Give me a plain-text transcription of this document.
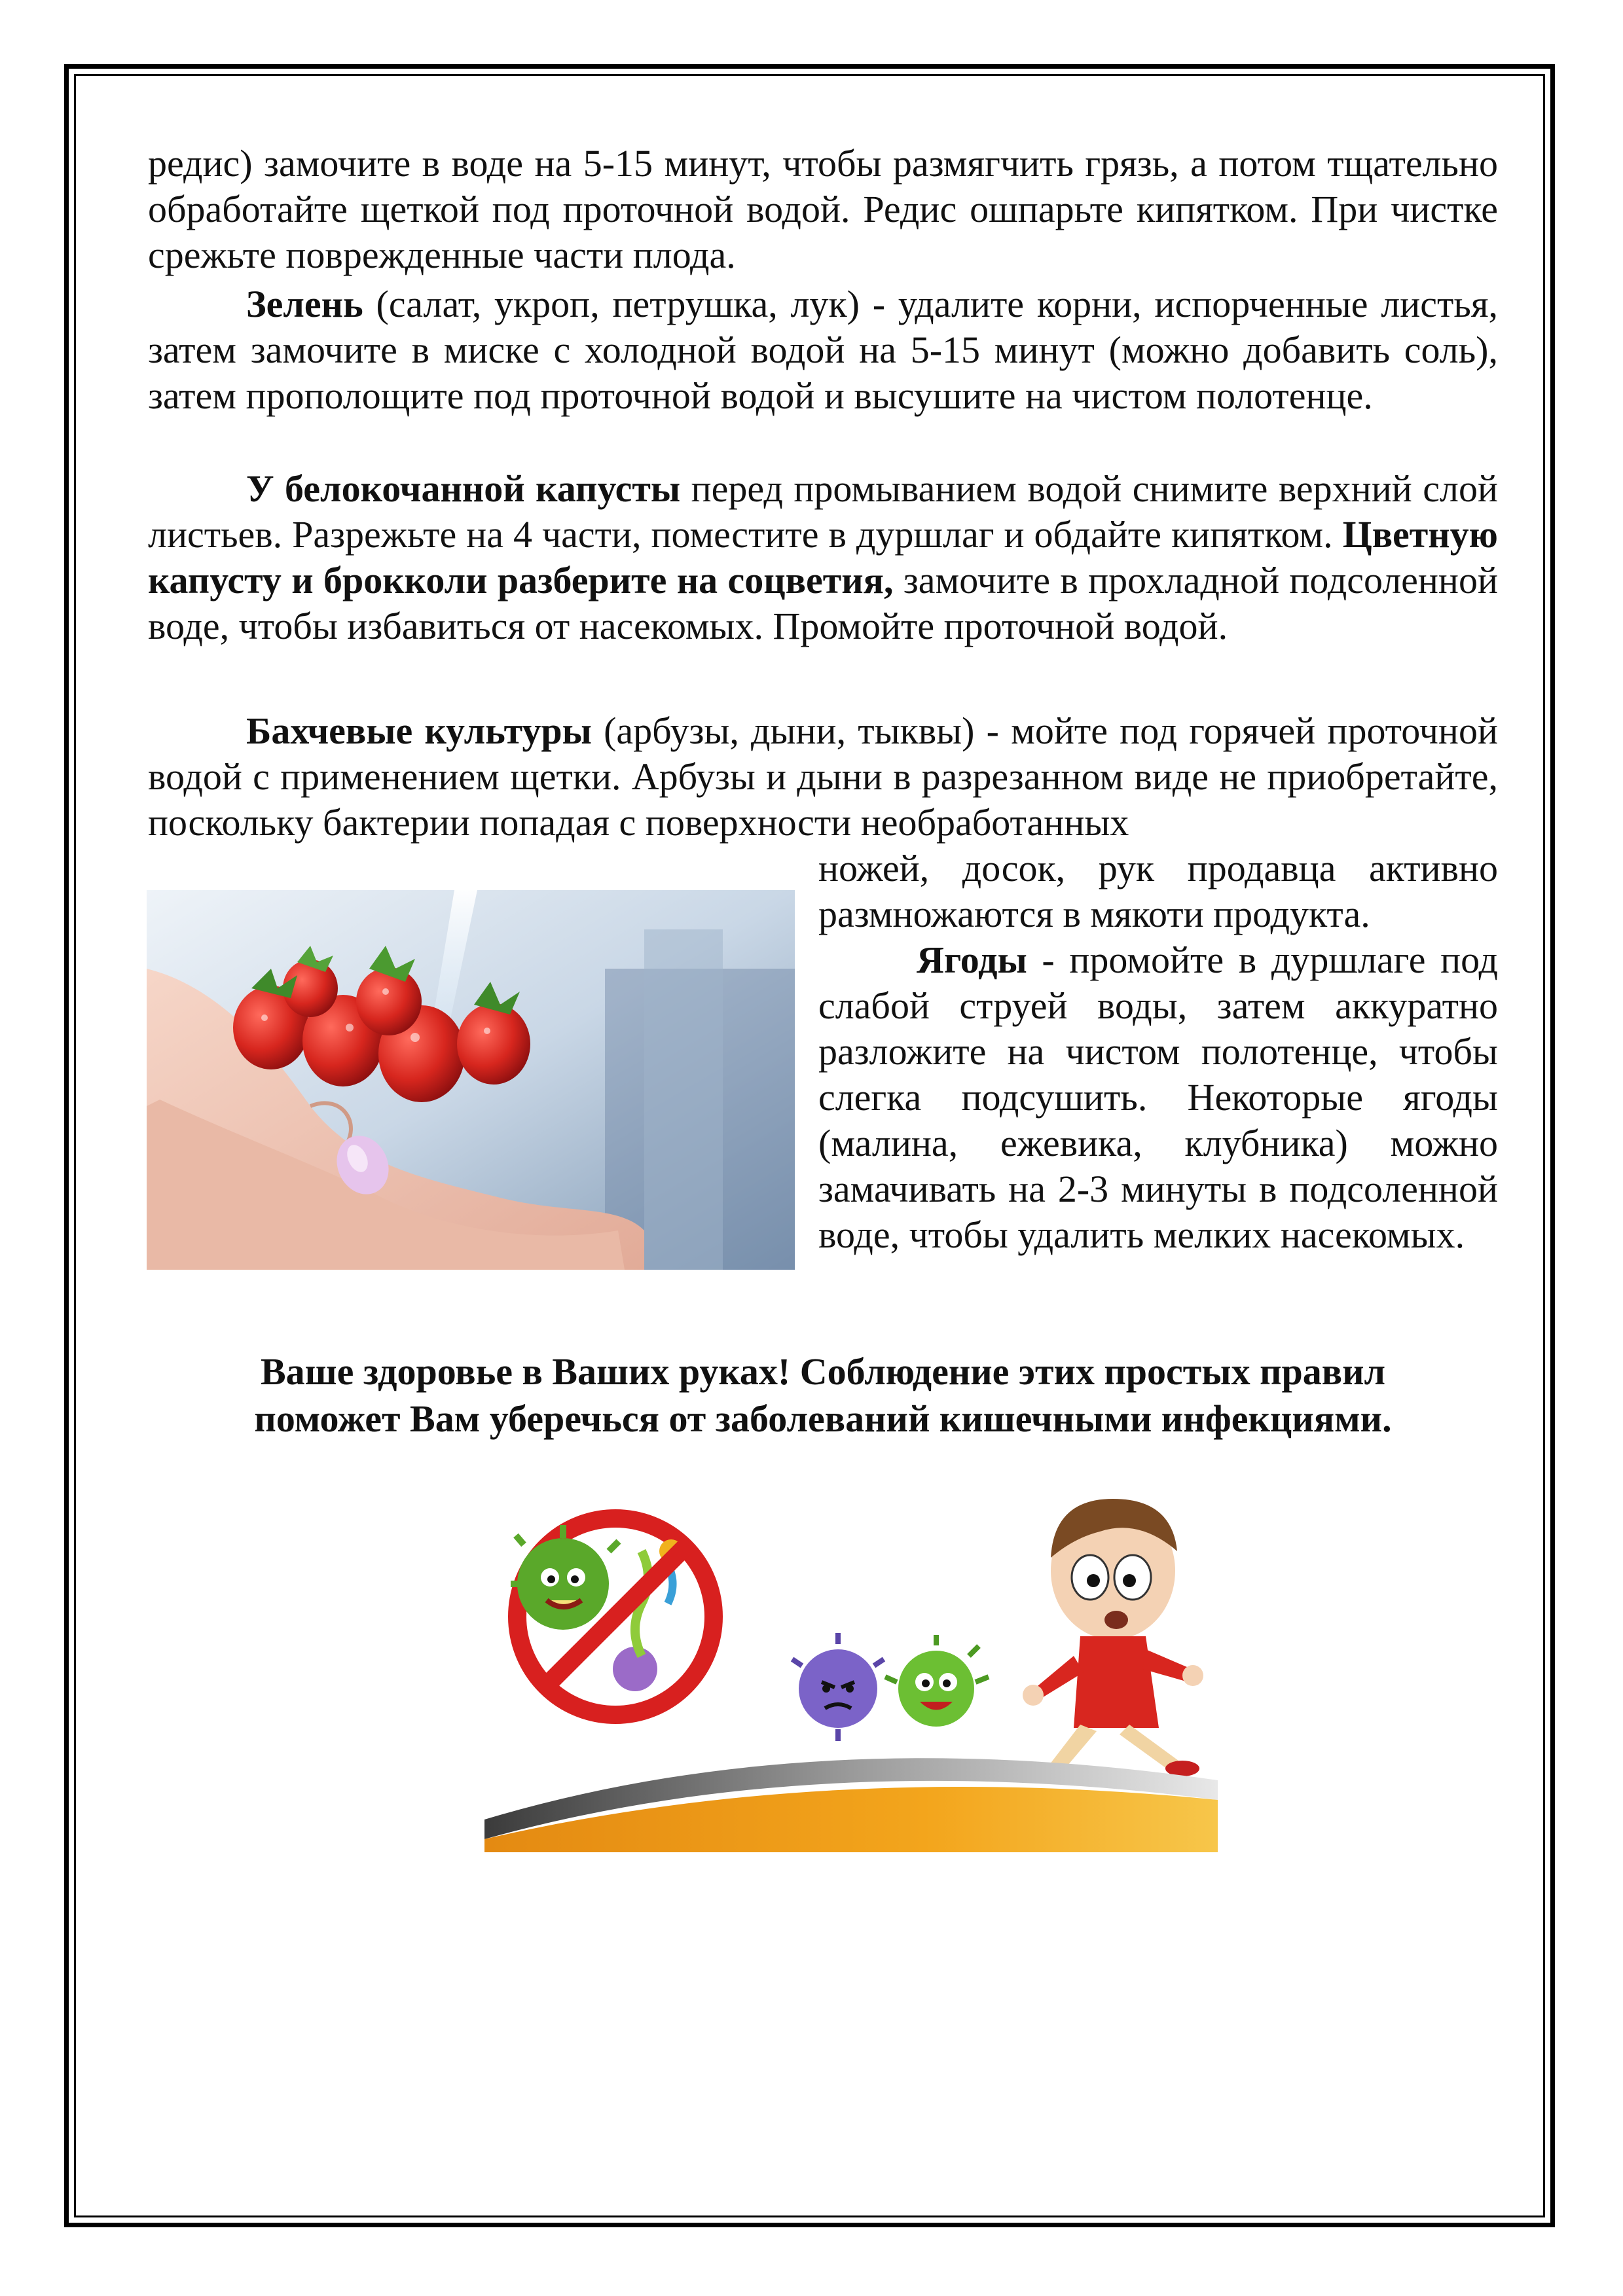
редис) замочите в воде на 5-15 минут, чтобы размягчить грязь, а потом тщательно обработайте щеткой под проточной водой. Редис ошпарьте кипятком. При чистке срежьте поврежденные части плода.

Зелень (салат, укроп, петрушка, лук) - удалите корни, испорченные листья, затем замочите в миске с холодной водой на 5-15 минут (можно добавить соль), затем прополощите под проточной водой и высушите на чистом полотенце.

У белокочанной капусты перед промыванием водой снимите верхний слой листьев. Разрежьте на 4 части, поместите в дуршлаг и обдайте кипятком. Цветную капусту и брокколи разберите на соцветия, замочите в прохладной подсоленной воде, чтобы избавиться от насекомых. Промойте проточной водой.

Бахчевые культуры (арбузы, дыни, тыквы) - мойте под горячей проточной водой с применением щетки. Арбузы и дыни в разрезанном виде не приобретайте, поскольку бактерии попадая с поверхности необработанных

ножей, досок, рук продавца активно размножаются в мякоти продукта.

Ягоды - промойте в дуршлаге под слабой струей воды, затем аккуратно разложите на чистом полотенце, чтобы слегка подсушить. Некоторые ягоды (малина, ежевика, клубника) можно замачивать на 2-3 минуты в подсоленной воде, чтобы удалить мелких насекомых.

Ваше здоровье в Ваших руках! Соблюдение этих простых правил
поможет Вам уберечься от заболеваний кишечными инфекциями.
